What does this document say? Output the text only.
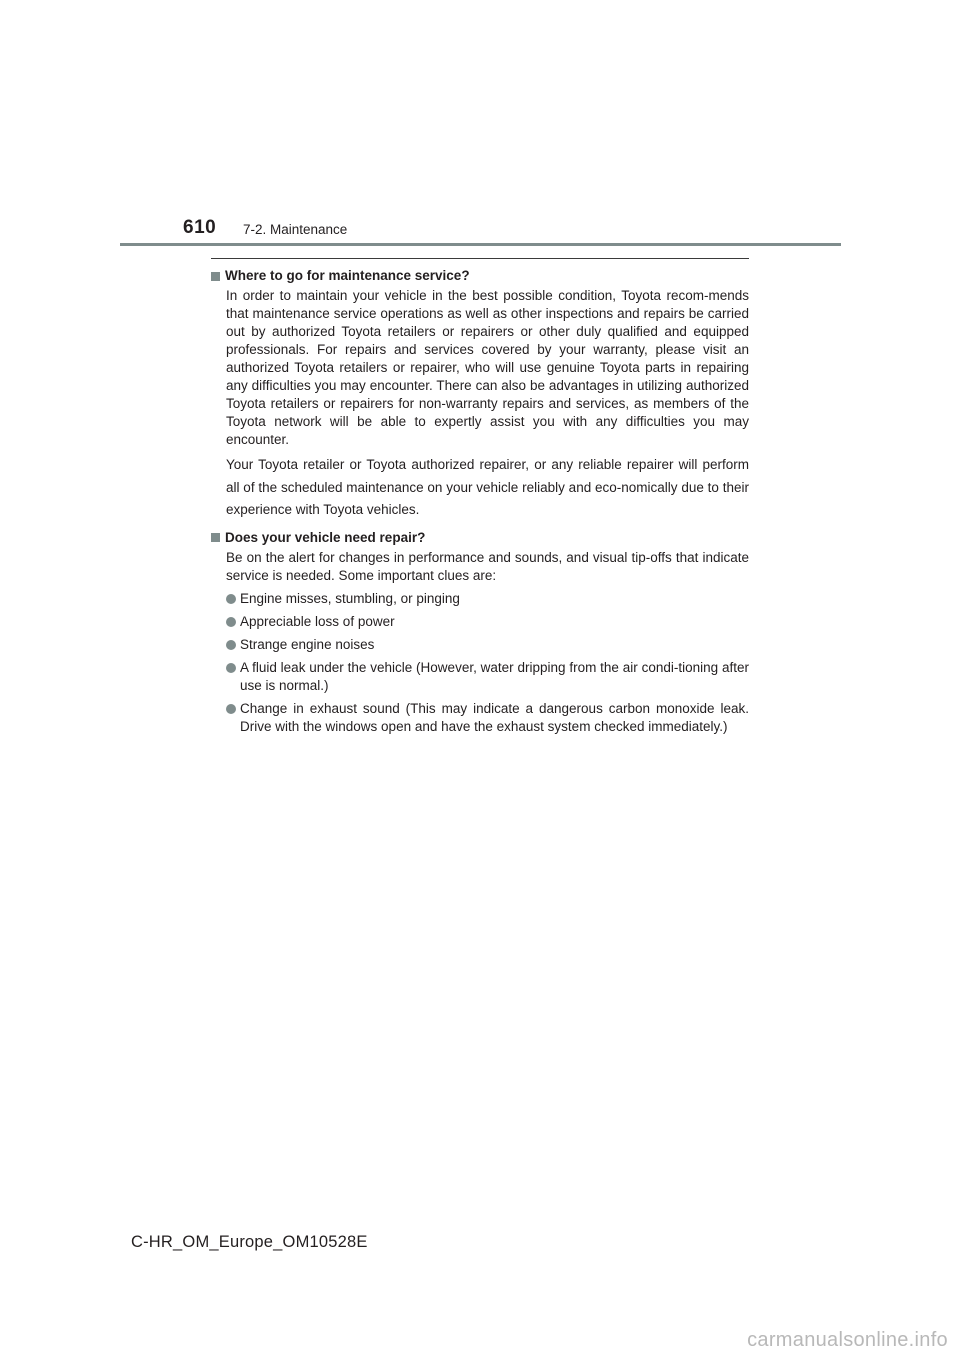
610 7-2. Maintenance
Where to go for maintenance service?

In order to maintain your vehicle in the best possible condition, Toyota recom-mends that maintenance service operations as well as other inspections and repairs be carried out by authorized Toyota retailers or repairers or other duly qualified and equipped professionals. For repairs and services covered by your warranty, please visit an authorized Toyota retailers or repairer, who will use genuine Toyota parts in repairing any difficulties you may encounter. There can also be advantages in utilizing authorized Toyota retailers or repairers for non-warranty repairs and services, as members of the Toyota network will be able to expertly assist you with any difficulties you may encounter.

Your Toyota retailer or Toyota authorized repairer, or any reliable repairer will perform all of the scheduled maintenance on your vehicle reliably and eco-nomically due to their experience with Toyota vehicles.

Does your vehicle need repair?

Be on the alert for changes in performance and sounds, and visual tip-offs that indicate service is needed. Some important clues are:

Engine misses, stumbling, or pinging
Appreciable loss of power
Strange engine noises
A fluid leak under the vehicle (However, water dripping from the air condi-tioning after use is normal.)
Change in exhaust sound (This may indicate a dangerous carbon monoxide leak. Drive with the windows open and have the exhaust system checked immediately.)
C-HR_OM_Europe_OM10528E
carmanualsonline.info
